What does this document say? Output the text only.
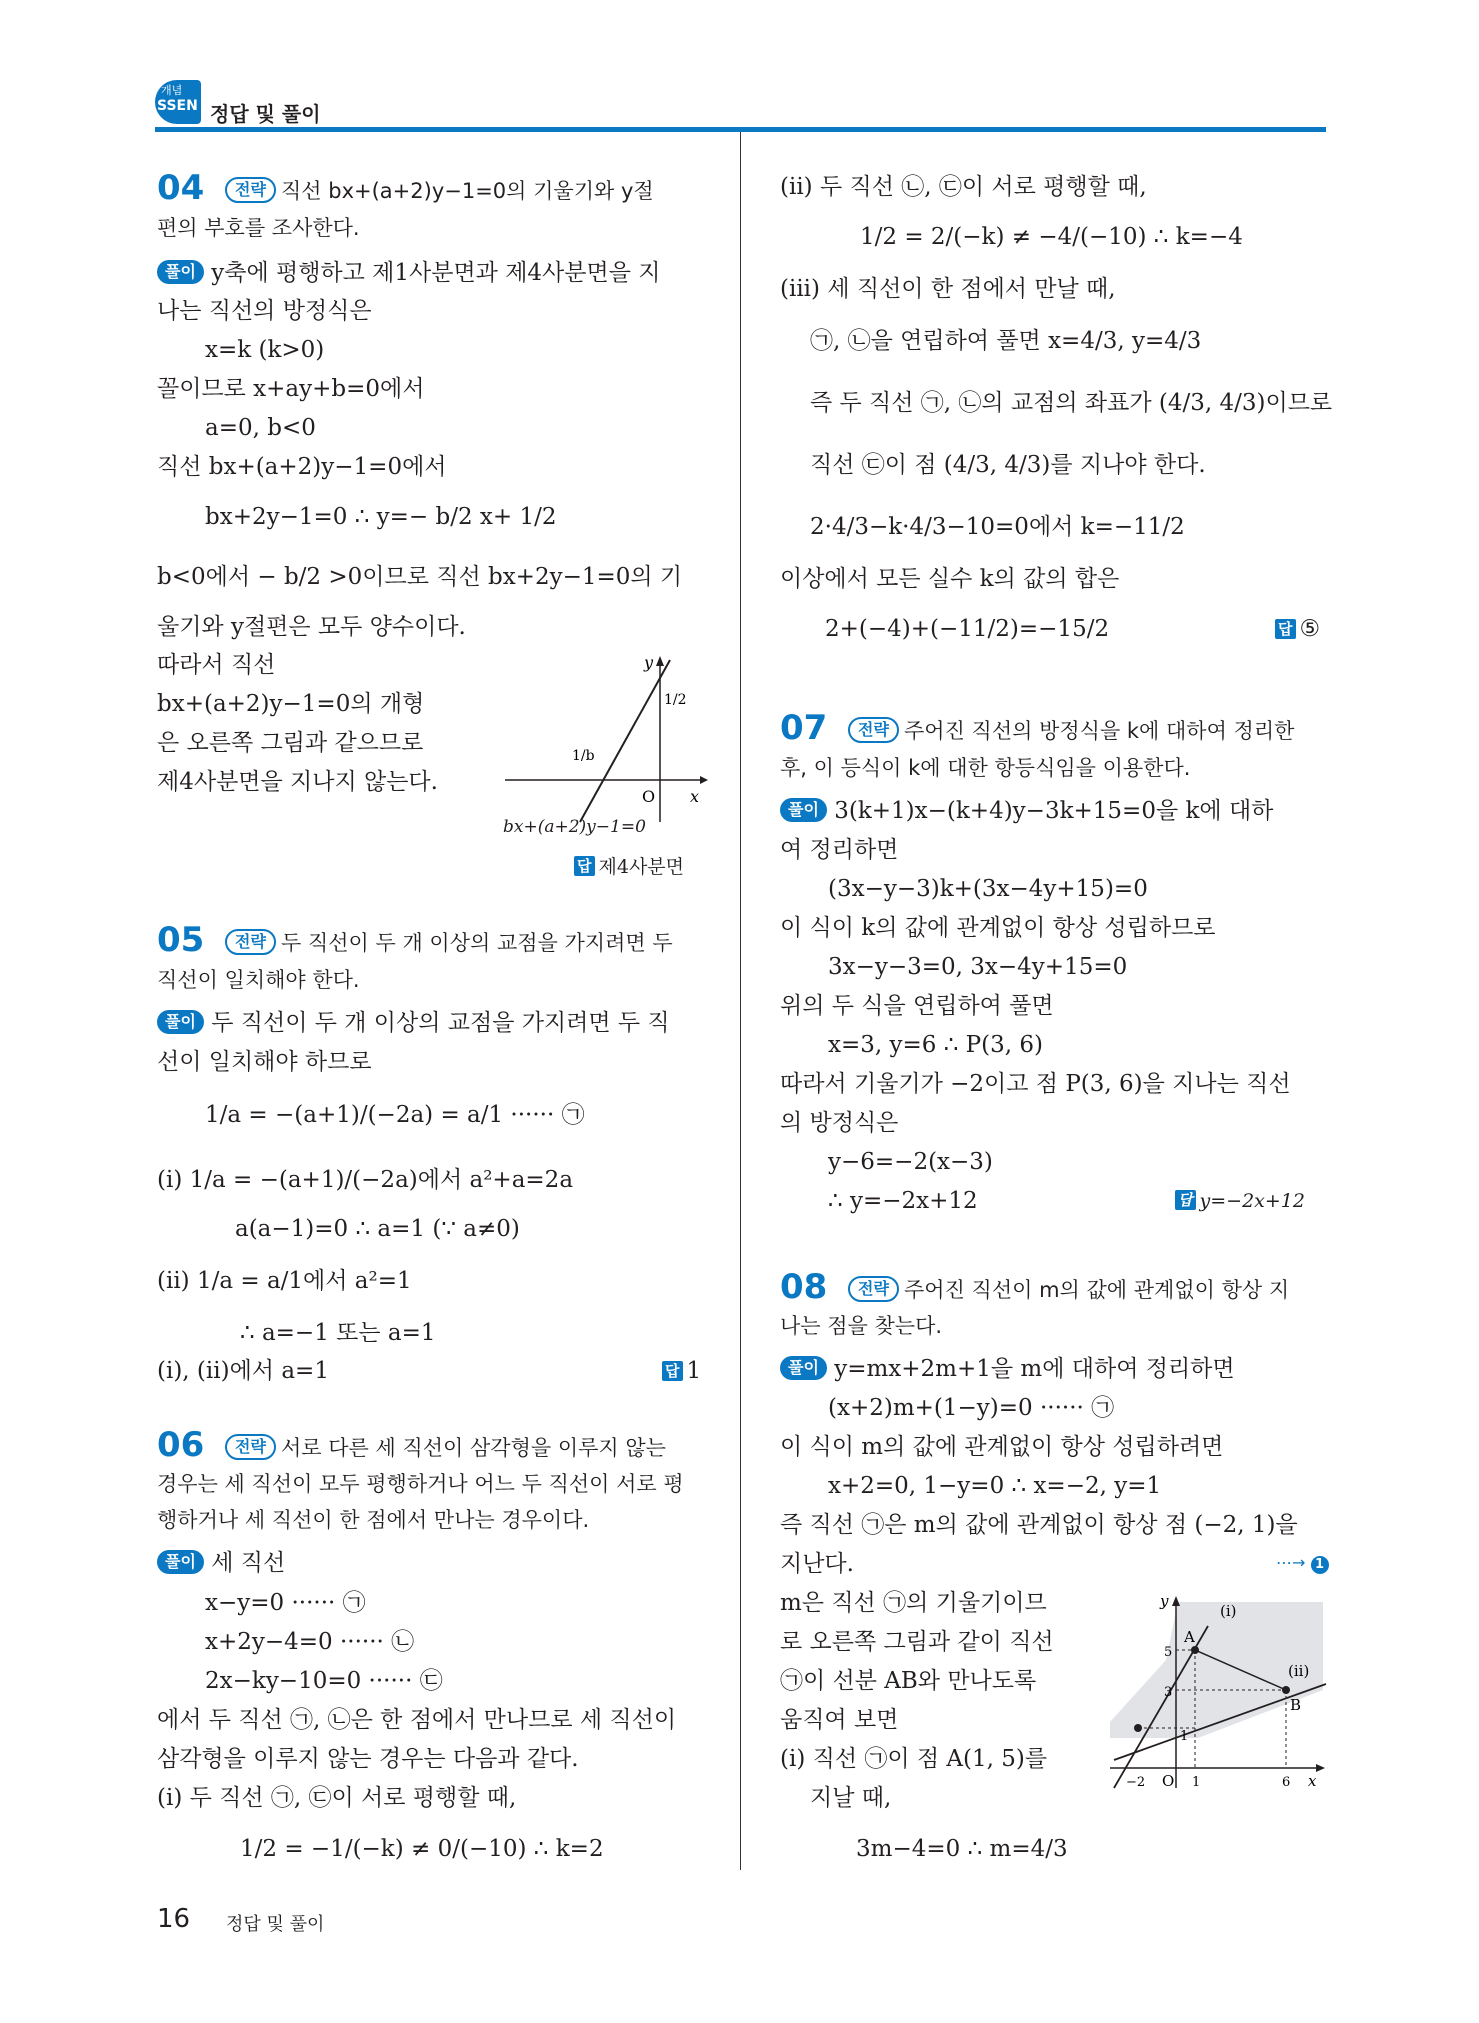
개념
SSEN 정답 및 풀이
04	전략 직선 bx+(a+2)y−1=0의 기울기와 y절
편의 부호를 조사한다.
풀이 y축에 평행하고 제1사분면과 제4사분면을 지
나는 직선의 방정식은
x=k (k>0)
꼴이므로 x+ay+b=0에서
a=0, b<0
직선 bx+(a+2)y−1=0에서
bx+2y−1=0 ∴ y=− b/2 x+ 1/2
b<0에서 − b/2 >0이므로 직선 bx+2y−1=0의 기
울기와 y절편은 모두 양수이다.
따라서 직선
bx+(a+2)y−1=0의 개형
은 오른쪽 그림과 같으므로
제4사분면을 지나지 않는다.
y
x
O
1/2
1/b
bx+(a+2)y−1=0
답 제4사분면
05	전략 두 직선이 두 개 이상의 교점을 가지려면 두
직선이 일치해야 한다.
풀이 두 직선이 두 개 이상의 교점을 가지려면 두 직
선이 일치해야 하므로
1/a = −(a+1)/(−2a) = a/1 ······ ㉠
(i) 1/a = −(a+1)/(−2a)에서 a²+a=2a
a(a−1)=0 ∴ a=1 (∵ a≠0)
(ii) 1/a = a/1에서 a²=1
∴ a=−1 또는 a=1
(i), (ii)에서 a=1	답 1
06	전략 서로 다른 세 직선이 삼각형을 이루지 않는
경우는 세 직선이 모두 평행하거나 어느 두 직선이 서로 평
행하거나 세 직선이 한 점에서 만나는 경우이다.
풀이 세 직선
x−y=0 ······ ㉠
x+2y−4=0 ······ ㉡
2x−ky−10=0 ······ ㉢
에서 두 직선 ㉠, ㉡은 한 점에서 만나므로 세 직선이
삼각형을 이루지 않는 경우는 다음과 같다.
(i) 두 직선 ㉠, ㉢이 서로 평행할 때,
1/2 = −1/(−k) ≠ 0/(−10) ∴ k=2
(ii) 두 직선 ㉡, ㉢이 서로 평행할 때,
1/2 = 2/(−k) ≠ −4/(−10) ∴ k=−4
(iii) 세 직선이 한 점에서 만날 때,
㉠, ㉡을 연립하여 풀면 x=4/3, y=4/3
즉 두 직선 ㉠, ㉡의 교점의 좌표가 (4/3, 4/3)이므로
직선 ㉢이 점 (4/3, 4/3)를 지나야 한다.
2·4/3−k·4/3−10=0에서 k=−11/2
이상에서 모든 실수 k의 값의 합은
2+(−4)+(−11/2)=−15/2	답 ⑤
07	전략 주어진 직선의 방정식을 k에 대하여 정리한
후, 이 등식이 k에 대한 항등식임을 이용한다.
풀이 3(k+1)x−(k+4)y−3k+15=0을 k에 대하
여 정리하면
(3x−y−3)k+(3x−4y+15)=0
이 식이 k의 값에 관계없이 항상 성립하므로
3x−y−3=0, 3x−4y+15=0
위의 두 식을 연립하여 풀면
x=3, y=6 ∴ P(3, 6)
따라서 기울기가 −2이고 점 P(3, 6)을 지나는 직선
의 방정식은
y−6=−2(x−3)
∴ y=−2x+12	답 y=−2x+12
08	전략 주어진 직선이 m의 값에 관계없이 항상 지
나는 점을 찾는다.
풀이 y=mx+2m+1을 m에 대하여 정리하면
(x+2)m+(1−y)=0 ······ ㉠
이 식이 m의 값에 관계없이 항상 성립하려면
x+2=0, 1−y=0 ∴ x=−2, y=1
즉 직선 ㉠은 m의 값에 관계없이 항상 점 (−2, 1)을
지난다.	⋯→ 1
m은 직선 ㉠의 기울기이므
로 오른쪽 그림과 같이 직선
㉠이 선분 AB와 만나도록
움직여 보면
(i) 직선 ㉠이 점 A(1, 5)를
지날 때,
3m−4=0 ∴ m=4/3
y
x
O
(i)
(ii)
A
B
5
3
1
−2	1	6
16 정답 및 풀이
